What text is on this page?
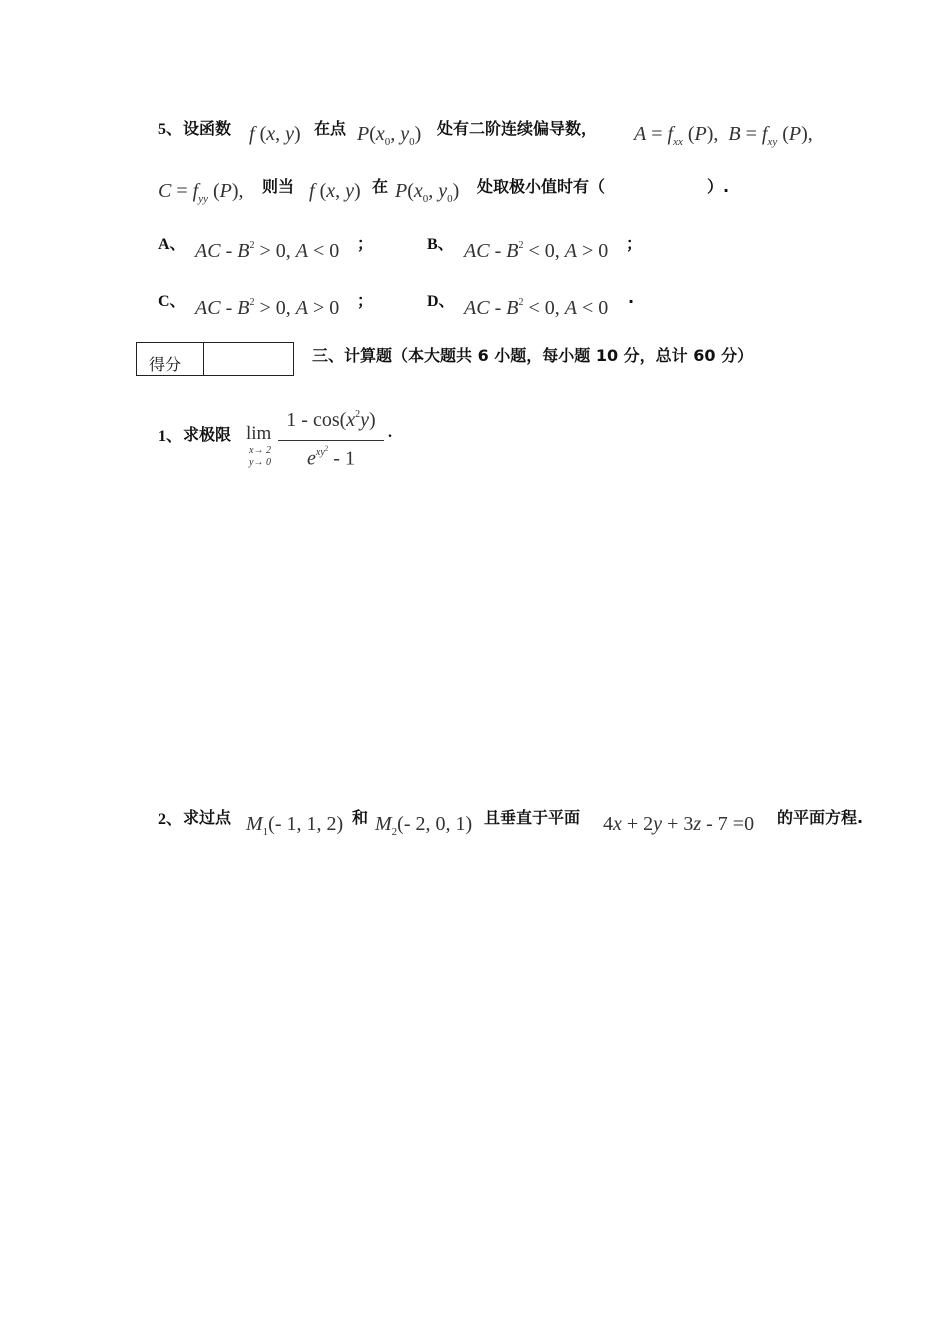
5、 设函数 f (x, y) 在点 $P(x_0$, $y_0$) 处有二阶连续偏导数， $A = f_{xx}$ (P),  $B = f_{xy}$ (P),
$C = f_{yy}$ (P), 则当 f (x, y) 在 $P(x_0$, $y_0$) 处取极小值时有（	）.
A、 AC - $B^2 > 0$, A < 0 ；	B、 AC - $B^2 < 0$, A > 0 ；
C、 AC - $B^2 > 0$, A > 0 ；	D、 AC - $B^2 < 0$, A < 0 .
得分	三、计算题（本大题共 6 小题，每小题 10 分，总计 60 分）
1、 求极限 lim
x→ 2
y→ 0
$1 - \cos(x^2y)$
$e^{xy^2} - 1$
.
2、 求过点 $M_1(-$ 1, 1, 2) 和 $M_2(-$ 2, 0, 1) 且垂直于平面 4x + 2y + 3z - 7 =0 的平面方程.
